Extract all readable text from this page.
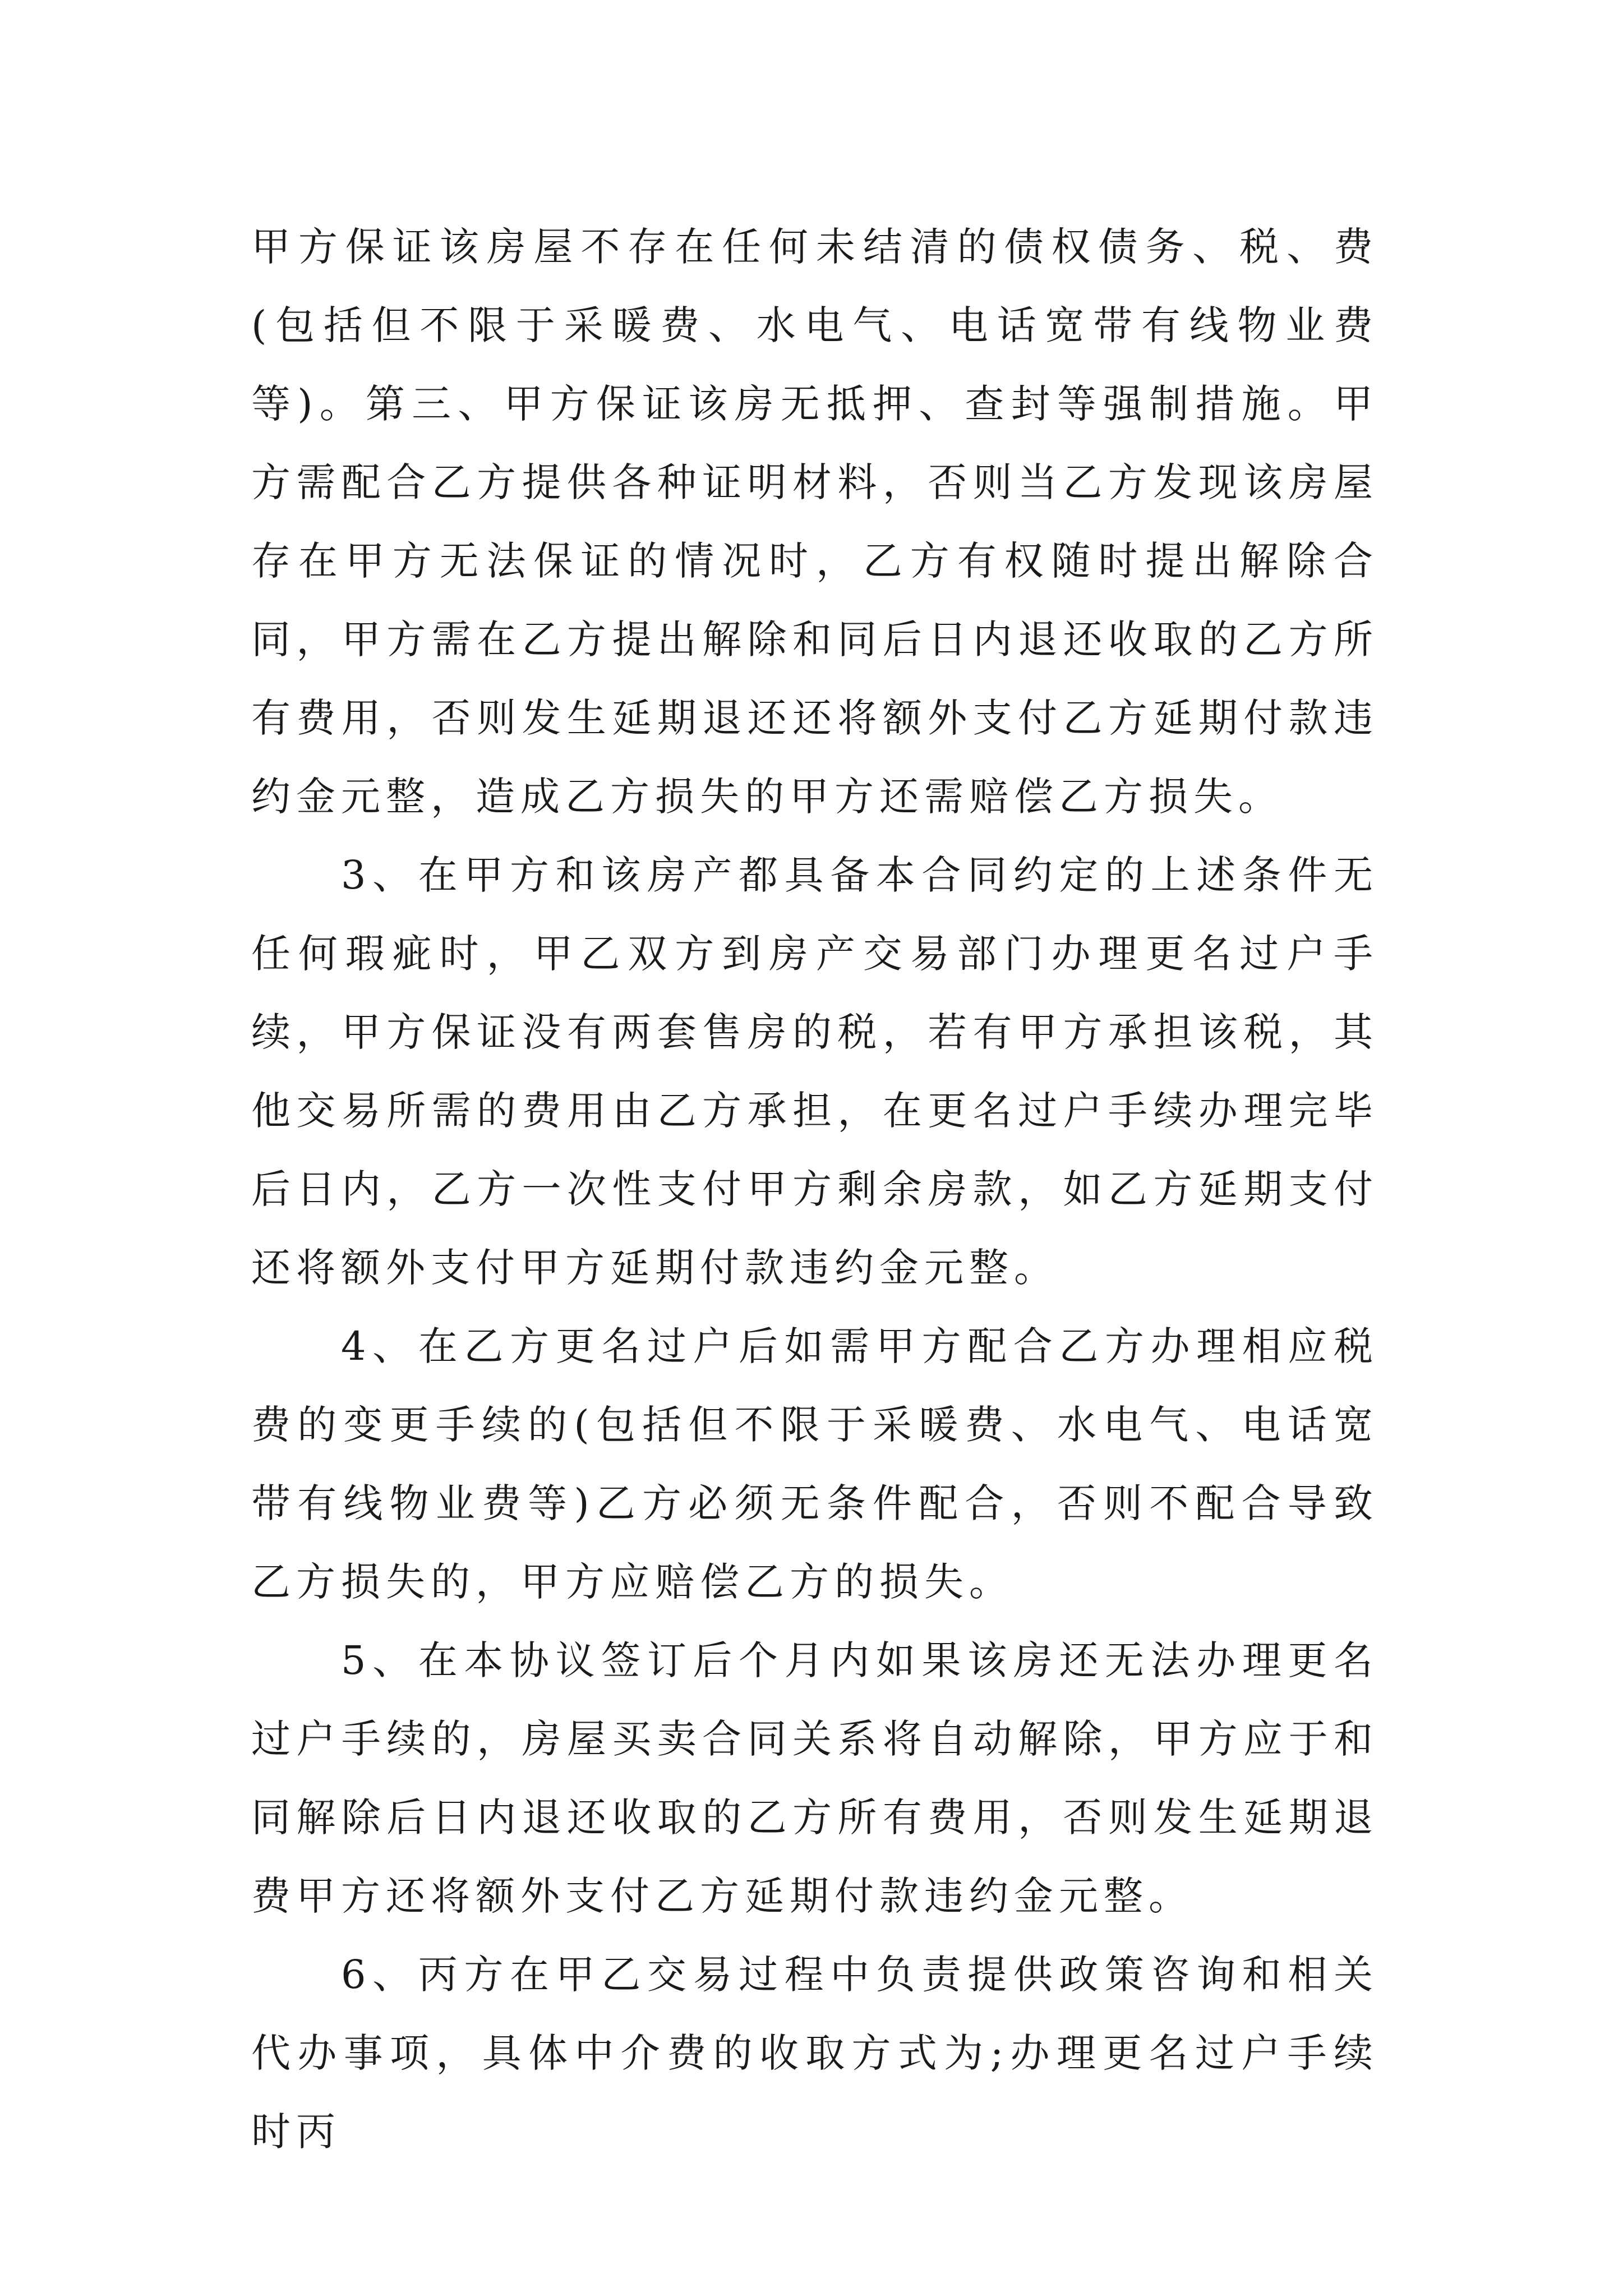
甲方保证该房屋不存在任何未结清的债权债务、税、费(包括但不限于采暖费、水电气、电话宽带有线物业费等)。第三、甲方保证该房无抵押、查封等强制措施。甲方需配合乙方提供各种证明材料，否则当乙方发现该房屋存在甲方无法保证的情况时，乙方有权随时提出解除合同，甲方需在乙方提出解除和同后日内退还收取的乙方所有费用，否则发生延期退还还将额外支付乙方延期付款违约金元整，造成乙方损失的甲方还需赔偿乙方损失。

3、在甲方和该房产都具备本合同约定的上述条件无任何瑕疵时，甲乙双方到房产交易部门办理更名过户手续，甲方保证没有两套售房的税，若有甲方承担该税，其他交易所需的费用由乙方承担，在更名过户手续办理完毕后日内，乙方一次性支付甲方剩余房款，如乙方延期支付还将额外支付甲方延期付款违约金元整。

4、在乙方更名过户后如需甲方配合乙方办理相应税费的变更手续的(包括但不限于采暖费、水电气、电话宽带有线物业费等)乙方必须无条件配合，否则不配合导致乙方损失的，甲方应赔偿乙方的损失。

5、在本协议签订后个月内如果该房还无法办理更名过户手续的，房屋买卖合同关系将自动解除，甲方应于和同解除后日内退还收取的乙方所有费用，否则发生延期退费甲方还将额外支付乙方延期付款违约金元整。

6、丙方在甲乙交易过程中负责提供政策咨询和相关代办事项，具体中介费的收取方式为;办理更名过户手续时丙
